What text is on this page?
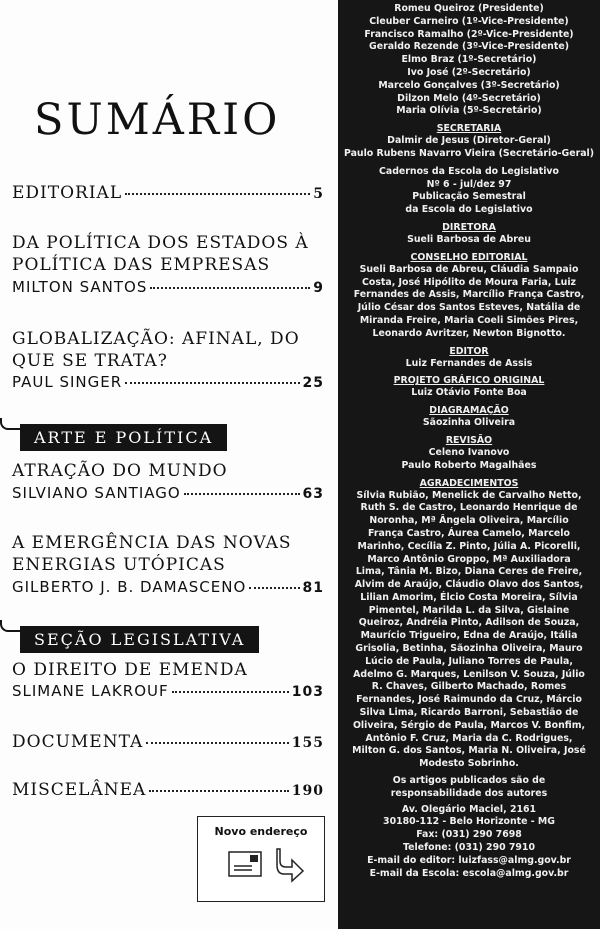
SUMÁRIO
EDITORIAL	5
DA POLÍTICA DOS ESTADOS À
POLÍTICA DAS EMPRESAS
MILTON SANTOS	9
GLOBALIZAÇÃO: AFINAL, DO
QUE SE TRATA?
PAUL SINGER	25
ARTE E POLÍTICA
ATRAÇÃO DO MUNDO
SILVIANO SANTIAGO	63
A EMERGÊNCIA DAS NOVAS
ENERGIAS UTÓPICAS
GILBERTO J. B. DAMASCENO	81
SEÇÃO LEGISLATIVA
O DIREITO DE EMENDA
SLIMANE LAKROUF	103
DOCUMENTA	155
MISCELÂNEA	190
Novo endereço
Romeu Queiroz (Presidente)
Cleuber Carneiro (1º-Vice-Presidente)
Francisco Ramalho (2º-Vice-Presidente)
Geraldo Rezende (3º-Vice-Presidente)
Elmo Braz (1º-Secretário)
Ivo José (2º-Secretário)
Marcelo Gonçalves (3º-Secretário)
Dilzon Melo (4º-Secretário)
Maria Olívia (5º-Secretário)
SECRETARIA
Dalmir de Jesus (Diretor-Geral)
Paulo Rubens Navarro Vieira (Secretário-Geral)
Cadernos da Escola do Legislativo
Nº 6 - jul/dez 97
Publicação Semestral
da Escola do Legislativo
DIRETORA
Sueli Barbosa de Abreu
CONSELHO EDITORIAL
Sueli Barbosa de Abreu, Cláudia Sampaio
Costa, José Hipólito de Moura Faria, Luiz
Fernandes de Assis, Marcílio França Castro,
Júlio César dos Santos Esteves, Natália de
Miranda Freire, Maria Coeli Simões Pires,
Leonardo Avritzer, Newton Bignotto.
EDITOR
Luiz Fernandes de Assis
PROJETO GRÁFICO ORIGINAL
Luiz Otávio Fonte Boa
DIAGRAMAÇÃO
Sãozinha Oliveira
REVISÃO
Celeno Ivanovo
Paulo Roberto Magalhães
AGRADECIMENTOS
Sílvia Rubião, Menelick de Carvalho Netto,
Ruth S. de Castro, Leonardo Henrique de
Noronha, Mª Ângela Oliveira, Marcílio
França Castro, Áurea Camelo, Marcelo
Marinho, Cecília Z. Pinto, Júlia A. Picorelli,
Marco Antônio Groppo, Mª Auxiliadora
Lima, Tânia M. Bizo, Diana Ceres de Freire,
Alvim de Araújo, Cláudio Olavo dos Santos,
Lilian Amorim, Élcio Costa Moreira, Sílvia
Pimentel, Marilda L. da Silva, Gislaine
Queiroz, Andréia Pinto, Adilson de Souza,
Maurício Trigueiro, Edna de Araújo, Itália
Grisolia, Betinha, Sãozinha Oliveira, Mauro
Lúcio de Paula, Juliano Torres de Paula,
Adelmo G. Marques, Lenilson V. Souza, Júlio
R. Chaves, Gilberto Machado, Romes
Fernandes, José Raimundo da Cruz, Márcio
Silva Lima, Ricardo Barroni, Sebastião de
Oliveira, Sérgio de Paula, Marcos V. Bonfim,
Antônio F. Cruz, Maria da C. Rodrigues,
Milton G. dos Santos, Maria N. Oliveira, José
Modesto Sobrinho.
Os artigos publicados são de
responsabilidade dos autores
Av. Olegário Maciel, 2161
30180-112 - Belo Horizonte - MG
Fax: (031) 290 7698
Telefone: (031) 290 7910
E-mail do editor: luizfass@almg.gov.br
E-mail da Escola: escola@almg.gov.br
